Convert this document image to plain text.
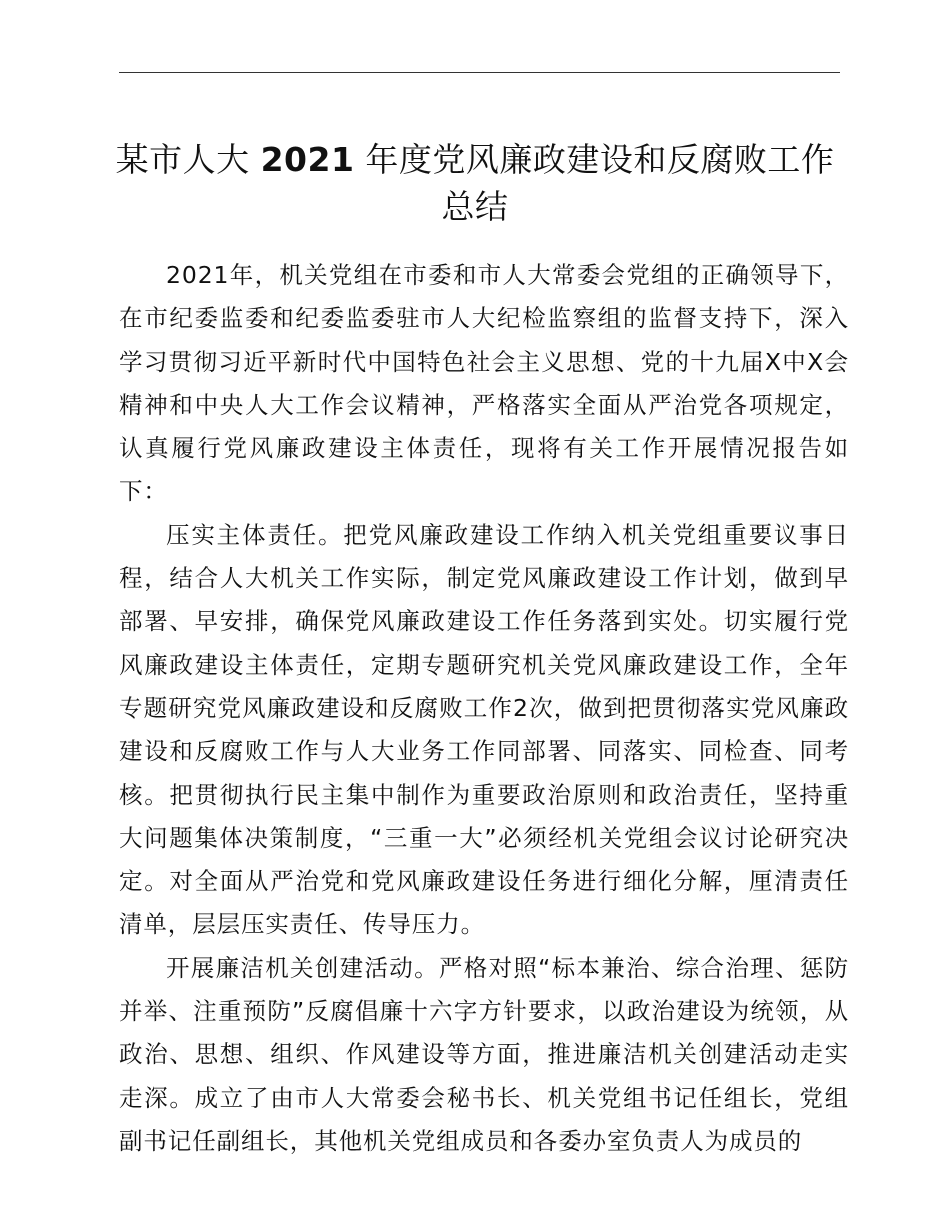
某市人大 2021 年度党风廉政建设和反腐败工作总结

2021年，机关党组在市委和市人大常委会党组的正确领导下，在市纪委监委和纪委监委驻市人大纪检监察组的监督支持下，深入学习贯彻习近平新时代中国特色社会主义思想、党的十九届X中X会精神和中央人大工作会议精神，严格落实全面从严治党各项规定，认真履行党风廉政建设主体责任，现将有关工作开展情况报告如下：

压实主体责任。把党风廉政建设工作纳入机关党组重要议事日程，结合人大机关工作实际，制定党风廉政建设工作计划，做到早部署、早安排，确保党风廉政建设工作任务落到实处。切实履行党风廉政建设主体责任，定期专题研究机关党风廉政建设工作，全年专题研究党风廉政建设和反腐败工作2次，做到把贯彻落实党风廉政建设和反腐败工作与人大业务工作同部署、同落实、同检查、同考核。把贯彻执行民主集中制作为重要政治原则和政治责任，坚持重大问题集体决策制度，“三重一大”必须经机关党组会议讨论研究决定。对全面从严治党和党风廉政建设任务进行细化分解，厘清责任清单，层层压实责任、传导压力。

开展廉洁机关创建活动。严格对照“标本兼治、综合治理、惩防并举、注重预防”反腐倡廉十六字方针要求，以政治建设为统领，从政治、思想、组织、作风建设等方面，推进廉洁机关创建活动走实走深。成立了由市人大常委会秘书长、机关党组书记任组长，党组副书记任副组长，其他机关党组成员和各委办室负责人为成员的
